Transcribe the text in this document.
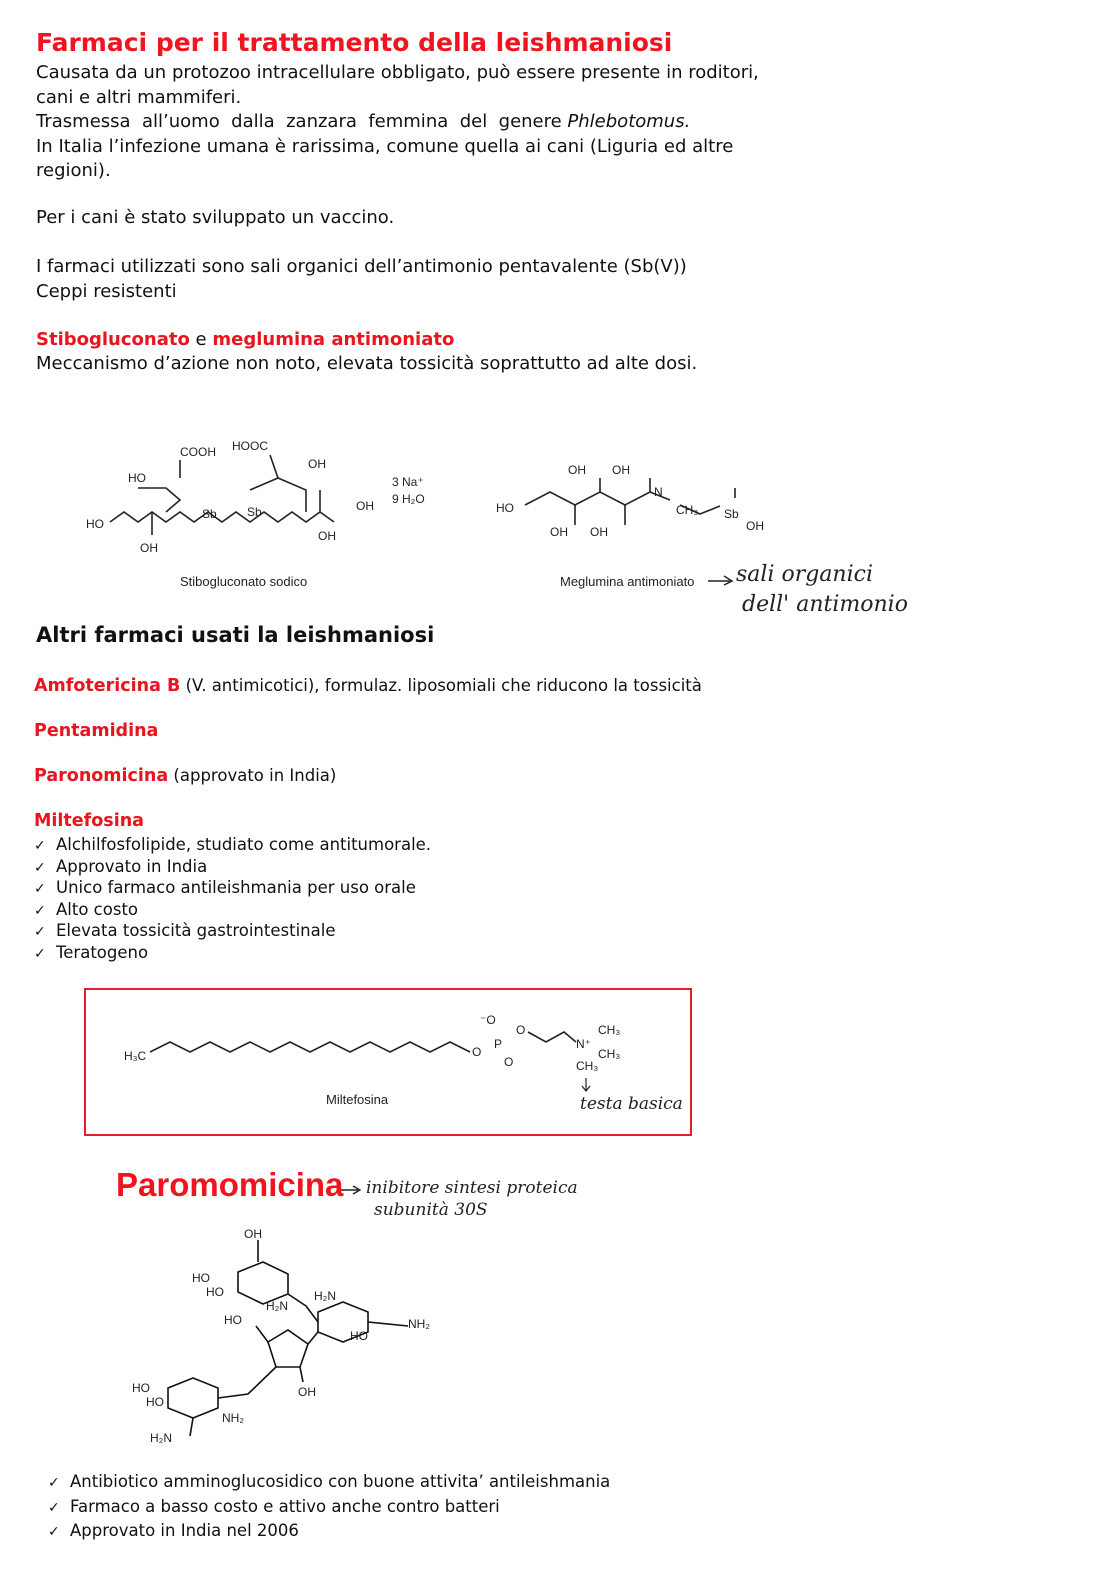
Farmaci per il trattamento della leishmaniosi
Causata da un protozoo intracellulare obbligato, può essere presente in roditori,
cani e altri mammiferi.
Trasmessa  all’uomo  dalla  zanzara  femmina  del  genere Phlebotomus.
In Italia l’infezione umana è rarissima, comune quella ai cani (Liguria ed altre
regioni).
Per i cani è stato sviluppato un vaccino.
I farmaci utilizzati sono sali organici dell’antimonio pentavalente (Sb(V))
Ceppi resistenti
Stibogluconato e meglumina antimoniato
Meccanismo d’azione non noto, elevata tossicità soprattutto ad alte dosi.
COOH HOOC
HO
HO
OH
Sb	Sb
OH
OH
OH
3 Na⁺
9 H₂O
Stibogluconato sodico
HO
OH OH
OH OH
N
CH₃ Sb
OH
Meglumina antimoniato sali organici
dell' antimonio
Altri farmaci usati la leishmaniosi
Amfotericina B (V. antimicotici), formulaz. liposomiali che riducono la tossicità
Pentamidina
Paronomicina (approvato in India)
Miltefosina
✓ Alchilfosfolipide, studiato come antitumorale.
✓ Approvato in India
✓ Unico farmaco antileishmania per uso orale
✓ Alto costo
✓ Elevata tossicità gastrointestinale
✓ Teratogeno
H₃C	O
P
⁻O
O
O
N⁺
CH₃
CH₃
CH₃
Miltefosina	testa basica
Paromomicina inibitore sintesi proteica
subunità 30S
OH
HO
HO
H₂N
H₂N
HO
HO
NH₂
OH
HO
HO
NH₂
H₂N
✓ Antibiotico amminoglucosidico con buone attivita’ antileishmania
✓ Farmaco a basso costo e attivo anche contro batteri
✓ Approvato in India nel 2006
